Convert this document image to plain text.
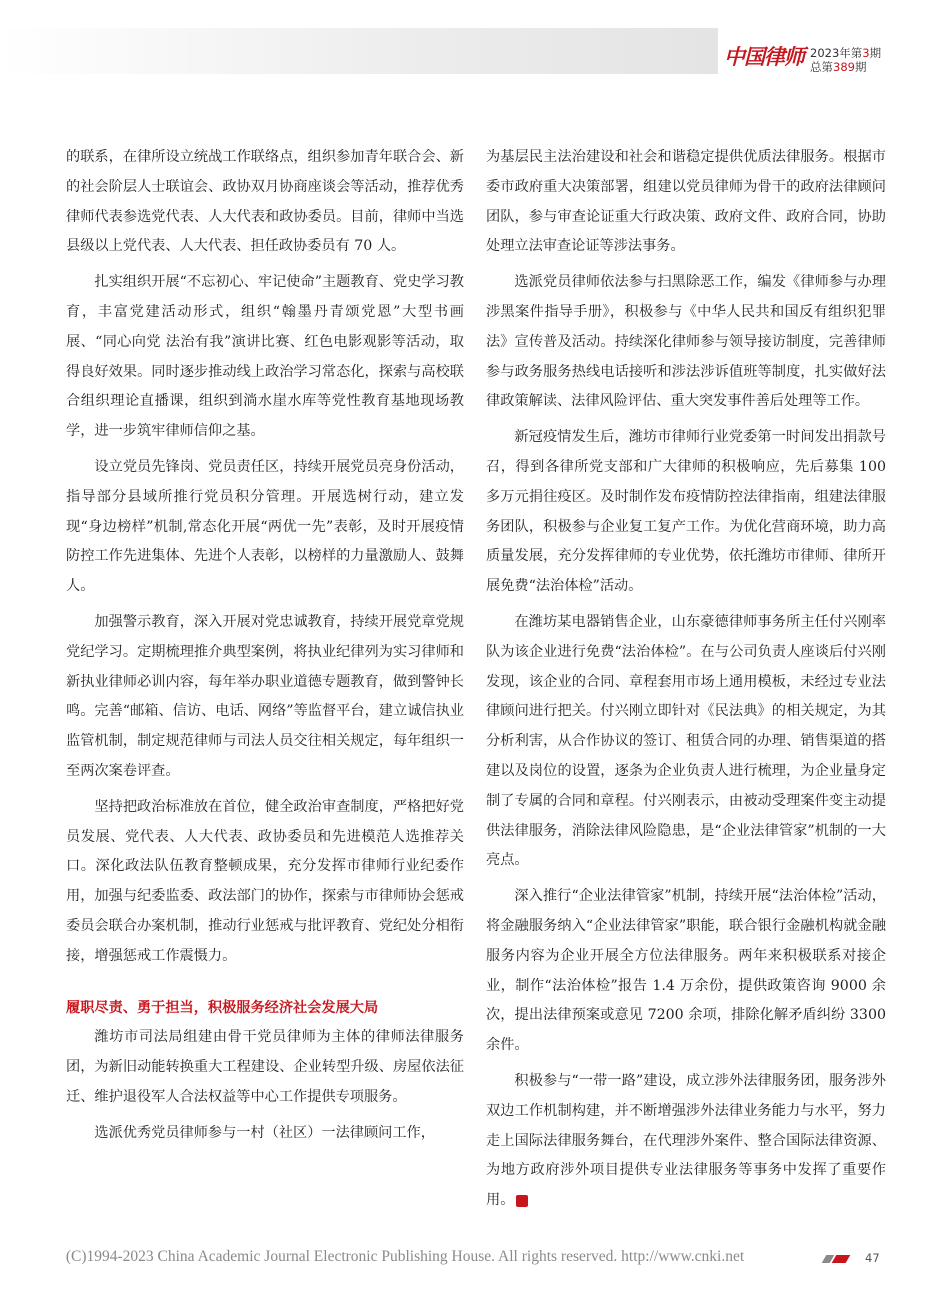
中国律师 2023年第3期
总第389期

的联系，在律所设立统战工作联络点，组织参加青年联合会、新的社会阶层人士联谊会、政协双月协商座谈会等活动，推荐优秀律师代表参选党代表、人大代表和政协委员。目前，律师中当选县级以上党代表、人大代表、担任政协委员有 70 人。

扎实组织开展“不忘初心、牢记使命”主题教育、党史学习教育，丰富党建活动形式，组织“翰墨丹青颂党恩”大型书画展、“同心向党 法治有我”演讲比赛、红色电影观影等活动，取得良好效果。同时逐步推动线上政治学习常态化，探索与高校联合组织理论直播课，组织到淌水崖水库等党性教育基地现场教学，进一步筑牢律师信仰之基。

设立党员先锋岗、党员责任区，持续开展党员亮身份活动，指导部分县域所推行党员积分管理。开展选树行动，建立发现“身边榜样”机制,常态化开展“两优一先”表彰，及时开展疫情防控工作先进集体、先进个人表彰，以榜样的力量激励人、鼓舞人。

加强警示教育，深入开展对党忠诚教育，持续开展党章党规党纪学习。定期梳理推介典型案例，将执业纪律列为实习律师和新执业律师必训内容，每年举办职业道德专题教育，做到警钟长鸣。完善“邮箱、信访、电话、网络”等监督平台，建立诚信执业监管机制，制定规范律师与司法人员交往相关规定，每年组织一至两次案卷评查。

坚持把政治标准放在首位，健全政治审查制度，严格把好党员发展、党代表、人大代表、政协委员和先进模范人选推荐关口。深化政法队伍教育整顿成果，充分发挥市律师行业纪委作用，加强与纪委监委、政法部门的协作，探索与市律师协会惩戒委员会联合办案机制，推动行业惩戒与批评教育、党纪处分相衔接，增强惩戒工作震慑力。

履职尽责、勇于担当，积极服务经济社会发展大局

潍坊市司法局组建由骨干党员律师为主体的律师法律服务团，为新旧动能转换重大工程建设、企业转型升级、房屋依法征迁、维护退役军人合法权益等中心工作提供专项服务。

选派优秀党员律师参与一村（社区）一法律顾问工作，

为基层民主法治建设和社会和谐稳定提供优质法律服务。根据市委市政府重大决策部署，组建以党员律师为骨干的政府法律顾问团队，参与审查论证重大行政决策、政府文件、政府合同，协助处理立法审查论证等涉法事务。

选派党员律师依法参与扫黑除恶工作，编发《律师参与办理涉黑案件指导手册》，积极参与《中华人民共和国反有组织犯罪法》宣传普及活动。持续深化律师参与领导接访制度，完善律师参与政务服务热线电话接听和涉法涉诉值班等制度，扎实做好法律政策解读、法律风险评估、重大突发事件善后处理等工作。

新冠疫情发生后，潍坊市律师行业党委第一时间发出捐款号召，得到各律所党支部和广大律师的积极响应，先后募集 100 多万元捐往疫区。及时制作发布疫情防控法律指南，组建法律服务团队，积极参与企业复工复产工作。为优化营商环境，助力高质量发展，充分发挥律师的专业优势，依托潍坊市律师、律所开展免费“法治体检”活动。

在潍坊某电器销售企业，山东豪德律师事务所主任付兴刚率队为该企业进行免费“法治体检”。在与公司负责人座谈后付兴刚发现，该企业的合同、章程套用市场上通用模板，未经过专业法律顾问进行把关。付兴刚立即针对《民法典》的相关规定，为其分析利害，从合作协议的签订、租赁合同的办理、销售渠道的搭建以及岗位的设置，逐条为企业负责人进行梳理，为企业量身定制了专属的合同和章程。付兴刚表示，由被动受理案件变主动提供法律服务，消除法律风险隐患，是“企业法律管家”机制的一大亮点。

深入推行“企业法律管家”机制，持续开展“法治体检”活动，将金融服务纳入“企业法律管家”职能，联合银行金融机构就金融服务内容为企业开展全方位法律服务。两年来积极联系对接企业，制作“法治体检”报告 1.4 万余份，提供政策咨询 9000 余次，提出法律预案或意见 7200 余项，排除化解矛盾纠纷 3300 余件。

积极参与“一带一路”建设，成立涉外法律服务团，服务涉外双边工作机制构建，并不断增强涉外法律业务能力与水平，努力走上国际法律服务舞台，在代理涉外案件、整合国际法律资源、为地方政府涉外项目提供专业法律服务等事务中发挥了重要作用。	C

(C)1994-2023 China Academic Journal Electronic Publishing House. All rights reserved. http://www.cnki.net	47
